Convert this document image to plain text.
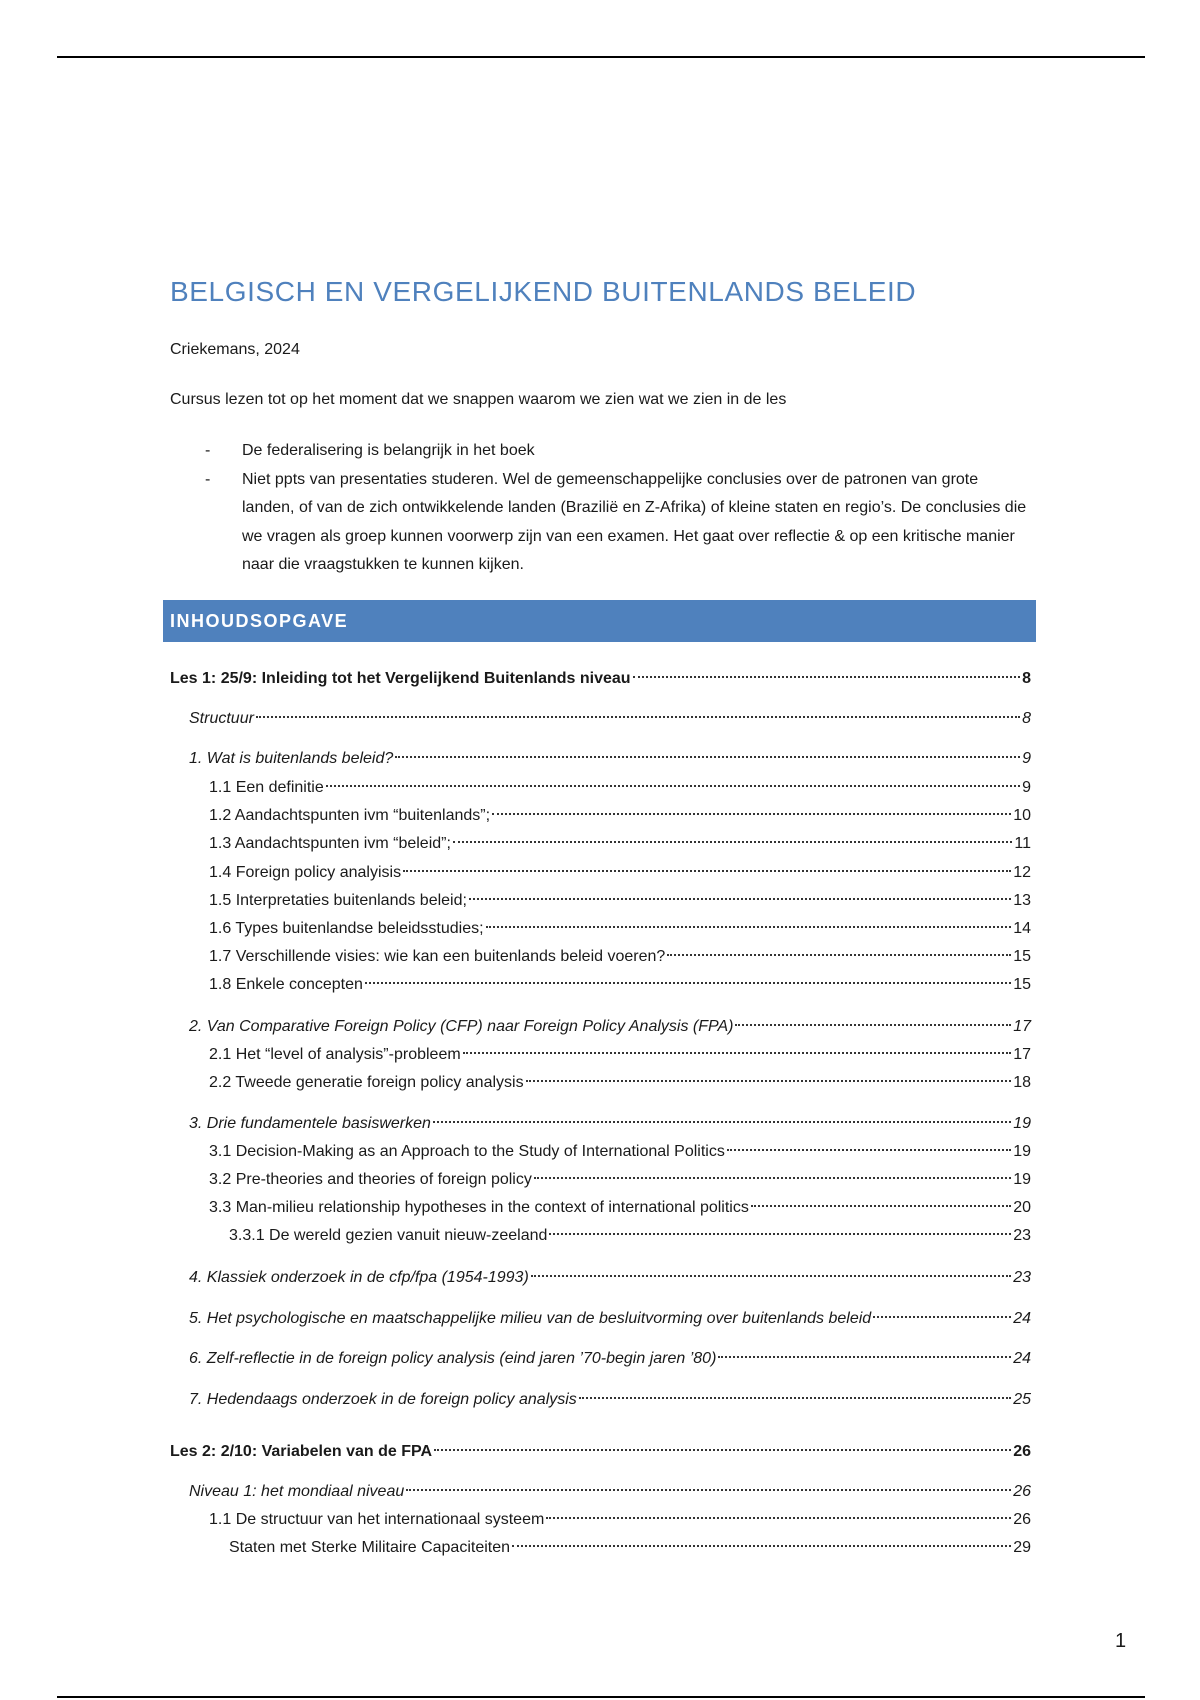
BELGISCH EN VERGELIJKEND BUITENLANDS BELEID
Criekemans, 2024
Cursus lezen tot op het moment dat we snappen waarom we zien wat we zien in de les
- De federalisering is belangrijk in het boek
- Niet ppts van presentaties studeren. Wel de gemeenschappelijke conclusies over de patronen van grote landen, of van de zich ontwikkelende landen (Brazilië en Z-Afrika) of kleine staten en regio’s. De conclusies die we vragen als groep kunnen voorwerp zijn van een examen. Het gaat over reflectie & op een kritische manier naar die vraagstukken te kunnen kijken.
INHOUDSOPGAVE
Les 1: 25/9: Inleiding tot het Vergelijkend Buitenlands niveau	8
Structuur	8
1. Wat is buitenlands beleid?	9
1.1 Een definitie	9
1.2 Aandachtspunten ivm “buitenlands”;	10
1.3 Aandachtspunten ivm “beleid”;	11
1.4 Foreign policy analyisis	12
1.5 Interpretaties buitenlands beleid;	13
1.6 Types buitenlandse beleidsstudies;	14
1.7 Verschillende visies: wie kan een buitenlands beleid voeren?	15
1.8 Enkele concepten	15
2. Van Comparative Foreign Policy (CFP) naar Foreign Policy Analysis (FPA)	17
2.1 Het “level of analysis”-probleem	17
2.2 Tweede generatie foreign policy analysis	18
3. Drie fundamentele basiswerken	19
3.1 Decision-Making as an Approach to the Study of International Politics	19
3.2 Pre-theories and theories of foreign policy	19
3.3 Man-milieu relationship hypotheses in the context of international politics	20
3.3.1 De wereld gezien vanuit nieuw-zeeland	23
4. Klassiek onderzoek in de cfp/fpa (1954-1993)	23
5. Het psychologische en maatschappelijke milieu van de besluitvorming over buitenlands beleid	24
6. Zelf-reflectie in de foreign policy analysis (eind jaren ’70-begin jaren ’80)	24
7. Hedendaags onderzoek in de foreign policy analysis	25
Les 2: 2/10: Variabelen van de FPA	26
Niveau 1: het mondiaal niveau	26
1.1 De structuur van het internationaal systeem	26
Staten met Sterke Militaire Capaciteiten	29
1
